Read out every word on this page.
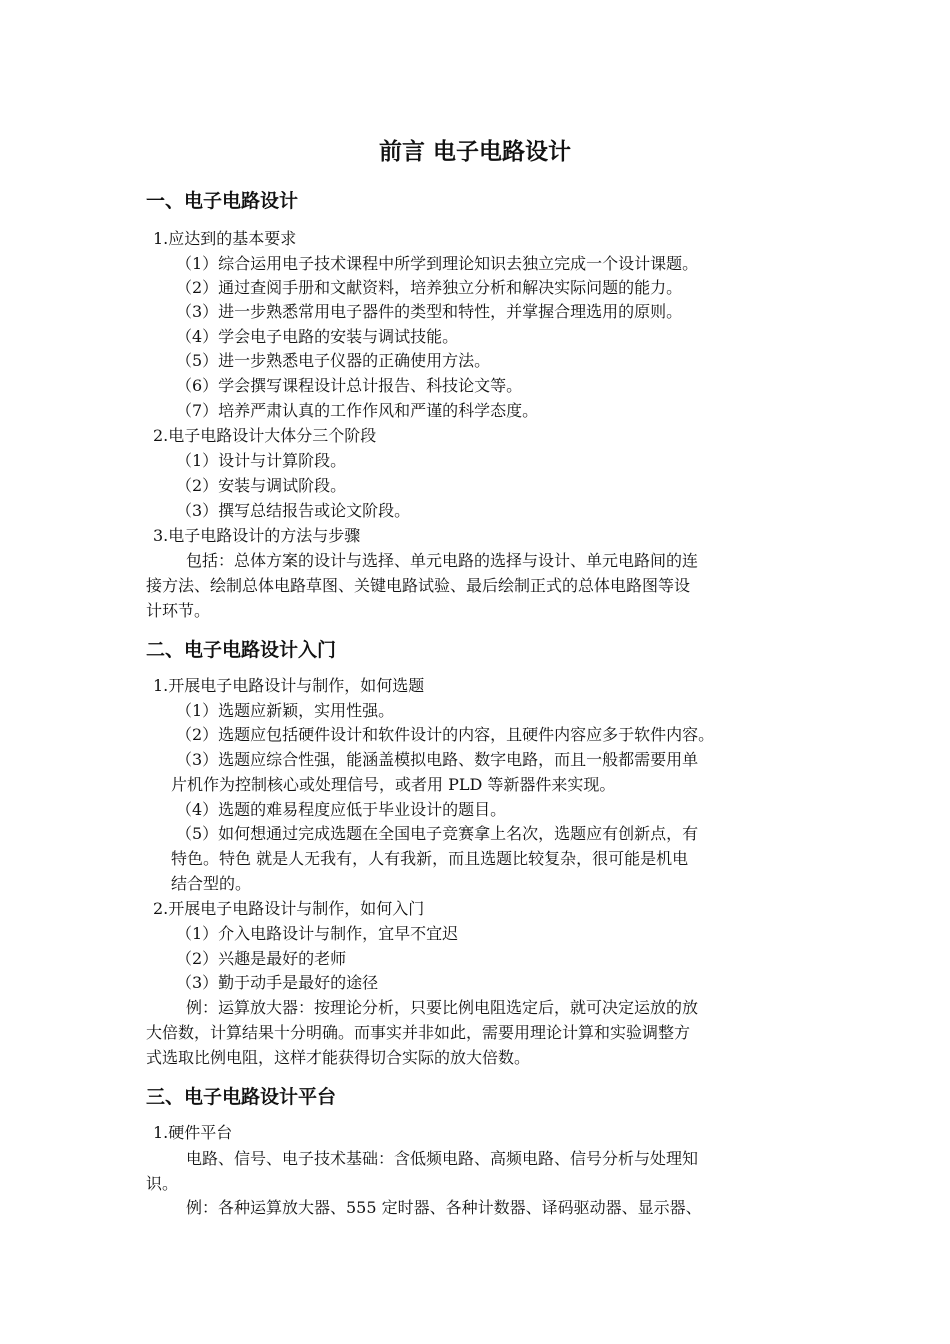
前言 电子电路设计
一、电子电路设计
1.应达到的基本要求
（1）综合运用电子技术课程中所学到理论知识去独立完成一个设计课题。
（2）通过查阅手册和文献资料，培养独立分析和解决实际问题的能力。
（3）进一步熟悉常用电子器件的类型和特性，并掌握合理选用的原则。
（4）学会电子电路的安装与调试技能。
（5）进一步熟悉电子仪器的正确使用方法。
（6）学会撰写课程设计总计报告、科技论文等。
（7）培养严肃认真的工作作风和严谨的科学态度。
2.电子电路设计大体分三个阶段
（1）设计与计算阶段。
（2）安装与调试阶段。
（3）撰写总结报告或论文阶段。
3.电子电路设计的方法与步骤
包括：总体方案的设计与选择、单元电路的选择与设计、单元电路间的连
接方法、绘制总体电路草图、关键电路试验、最后绘制正式的总体电路图等设
计环节。
二、电子电路设计入门
1.开展电子电路设计与制作，如何选题
（1）选题应新颖，实用性强。
（2）选题应包括硬件设计和软件设计的内容，且硬件内容应多于软件内容。
（3）选题应综合性强，能涵盖模拟电路、数字电路，而且一般都需要用单
片机作为控制核心或处理信号，或者用 PLD 等新器件来实现。
（4）选题的难易程度应低于毕业设计的题目。
（5）如何想通过完成选题在全国电子竞赛拿上名次，选题应有创新点，有
特色。特色 就是人无我有，人有我新，而且选题比较复杂，很可能是机电
结合型的。
2.开展电子电路设计与制作，如何入门
（1）介入电路设计与制作，宜早不宜迟
（2）兴趣是最好的老师
（3）勤于动手是最好的途径
例：运算放大器：按理论分析，只要比例电阻选定后，就可决定运放的放
大倍数，计算结果十分明确。而事实并非如此，需要用理论计算和实验调整方
式选取比例电阻，这样才能获得切合实际的放大倍数。
三、电子电路设计平台
1.硬件平台
电路、信号、电子技术基础：含低频电路、高频电路、信号分析与处理知
识。
例：各种运算放大器、555 定时器、各种计数器、译码驱动器、显示器、
